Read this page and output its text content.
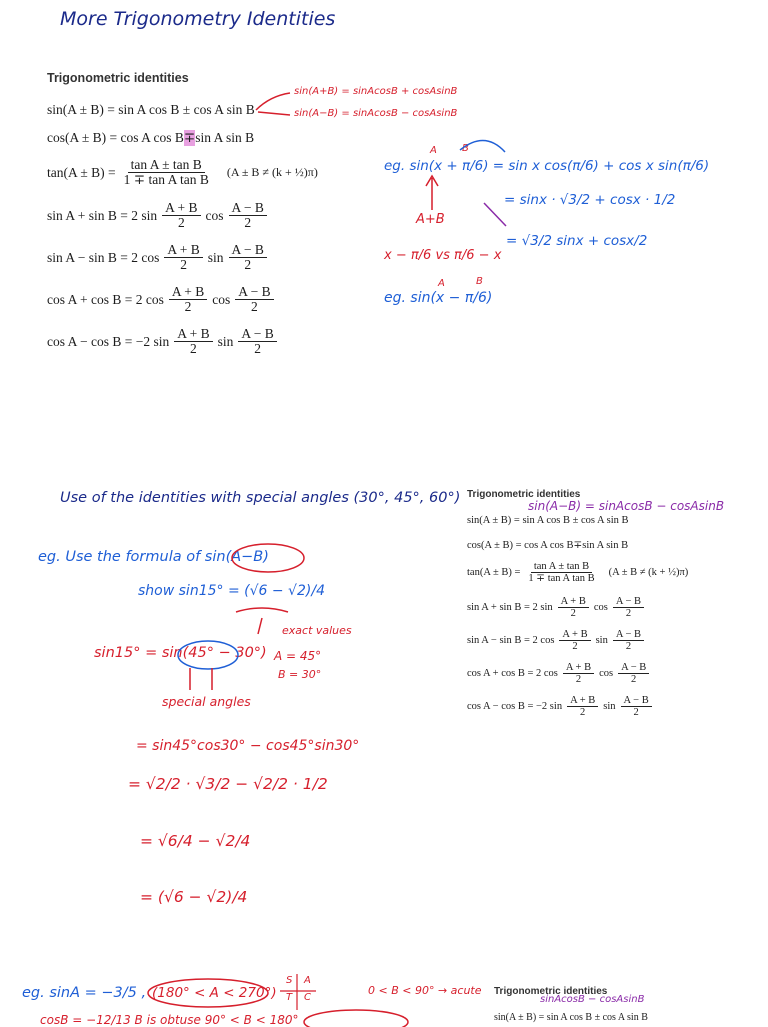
More Trigonometry Identities
Trigonometric identities
sin(A ± B) = sin A cos B ± cos A sin B
cos(A ± B) = cos A cos B ∓ sin A sin B
$\tan(A \pm B) = \frac{\text{tan A ± tan B}}{\text{1 ∓ tan A tan B}} (A \pm B \ne (k$ + ½)π)
sin A + sin B = 2 $\sin \frac{A + B}{2}$ $\cos \frac{A - B}{2}$
sin A − sin B = 2 $\cos \frac{A + B}{2}$ $\sin \frac{A - B}{2}$
cos A + cos B = 2 $\cos \frac{A + B}{2}$ $\cos \frac{A - B}{2}$
cos A − cos B = −2 $\sin \frac{A + B}{2}$ $\sin \frac{A - B}{2}$
sin(A+B) = sinAcosB + cosAsinB
sin(A−B) = sinAcosB − cosAsinB
A	B
eg. sin(x + π/6) = sin x cos(π/6) + cos x sin(π/6)
= sinx · √3/2 + cosx · 1/2
= √3/2 sinx + cosx/2
A+B
x − π/6 vs π/6 − x
A	B
eg. sin(x − π/6)
Use of the identities with special angles (30°, 45°, 60°) Trigonometric identities
sin(A ± B) = sin A cos B ± cos A sin B
cos(A ± B) = cos A cos B ∓ sin A sin B
$\tan(A \pm B) = \frac{\text{tan A ± tan B}}{\text{1 ∓ tan A tan B}} (A \pm B \ne (k$ + ½)π)
sin A + sin B = 2 $\sin \frac{A + B}{2}$ $\cos \frac{A - B}{2}$
sin A − sin B = 2 $\cos \frac{A + B}{2}$ $\sin \frac{A - B}{2}$
cos A + cos B = 2 $\cos \frac{A + B}{2}$ $\cos \frac{A - B}{2}$
cos A − cos B = −2 $\sin \frac{A + B}{2}$ $\sin \frac{A - B}{2}$
sin(A−B) = sinAcosB − cosAsinB
eg. Use the formula of sin(A−B)
show sin15° = (√6 − √2)/4
exact values
sin15° = sin(45° − 30°) A = 45°
B = 30°
special angles
= sin45°cos30° − cos45°sin30°
= √2/2 · √3/2 − √2/2 · 1/2
= √6/4 − √2/4
= (√6 − √2)/4
eg. sinA = −3/5 , (180° < A < 270°)
S A
T C
0 < B < 90° → acute Trigonometric identities
sin(A ± B) = sin A cos B ± cos A sin B
sinAcosB − cosAsinB
cosB = −12/13 B is obtuse 90° < B < 180°
